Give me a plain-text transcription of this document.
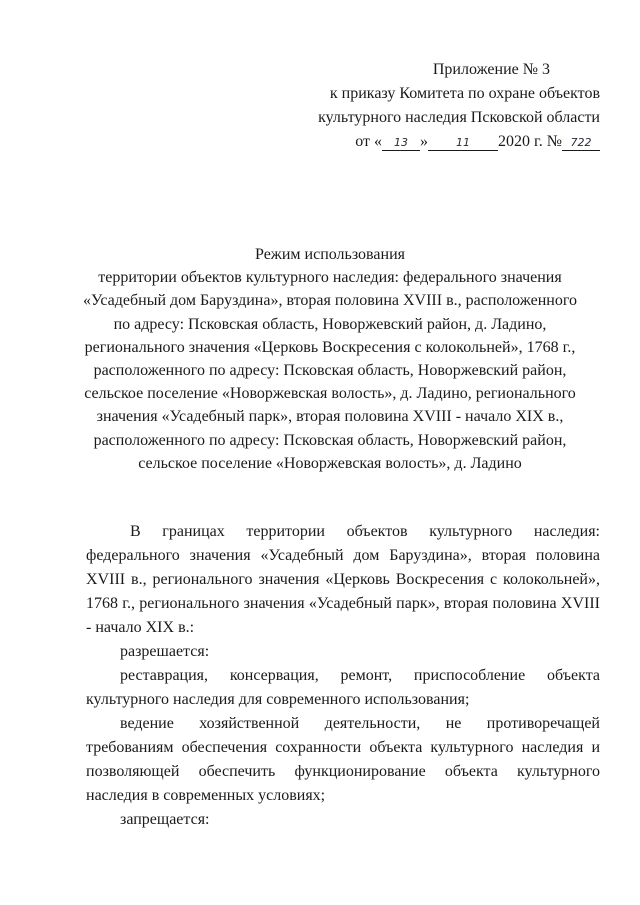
Приложение № 3
к приказу Комитета по охране объектов
культурного наследия Псковской области
от « 13 »	11 2020 г. № 722
Режим использования
территории объектов культурного наследия: федерального значения
«Усадебный дом Баруздина», вторая половина XVIII в., расположенного
по адресу: Псковская область, Новоржевский район, д. Ладино,
регионального значения «Церковь Воскресения с колокольней», 1768 г.,
расположенного по адресу: Псковская область, Новоржевский район,
сельское поселение «Новоржевская волость», д. Ладино, регионального
значения «Усадебный парк», вторая половина XVIII - начало XIX в.,
расположенного по адресу: Псковская область, Новоржевский район,
сельское поселение «Новоржевская волость», д. Ладино

В границах территории объектов культурного наследия: федерального значения «Усадебный дом Баруздина», вторая половина XVIII в., регионального значения «Церковь Воскресения с колокольней», 1768 г., регионального значения «Усадебный парк», вторая половина XVIII - начало XIX в.:

разрешается:

реставрация, консервация, ремонт, приспособление объекта культурного наследия для современного использования;

ведение хозяйственной деятельности, не противоречащей требованиям обеспечения сохранности объекта культурного наследия и позволяющей обеспечить функционирование объекта культурного наследия в современных условиях;

запрещается:
